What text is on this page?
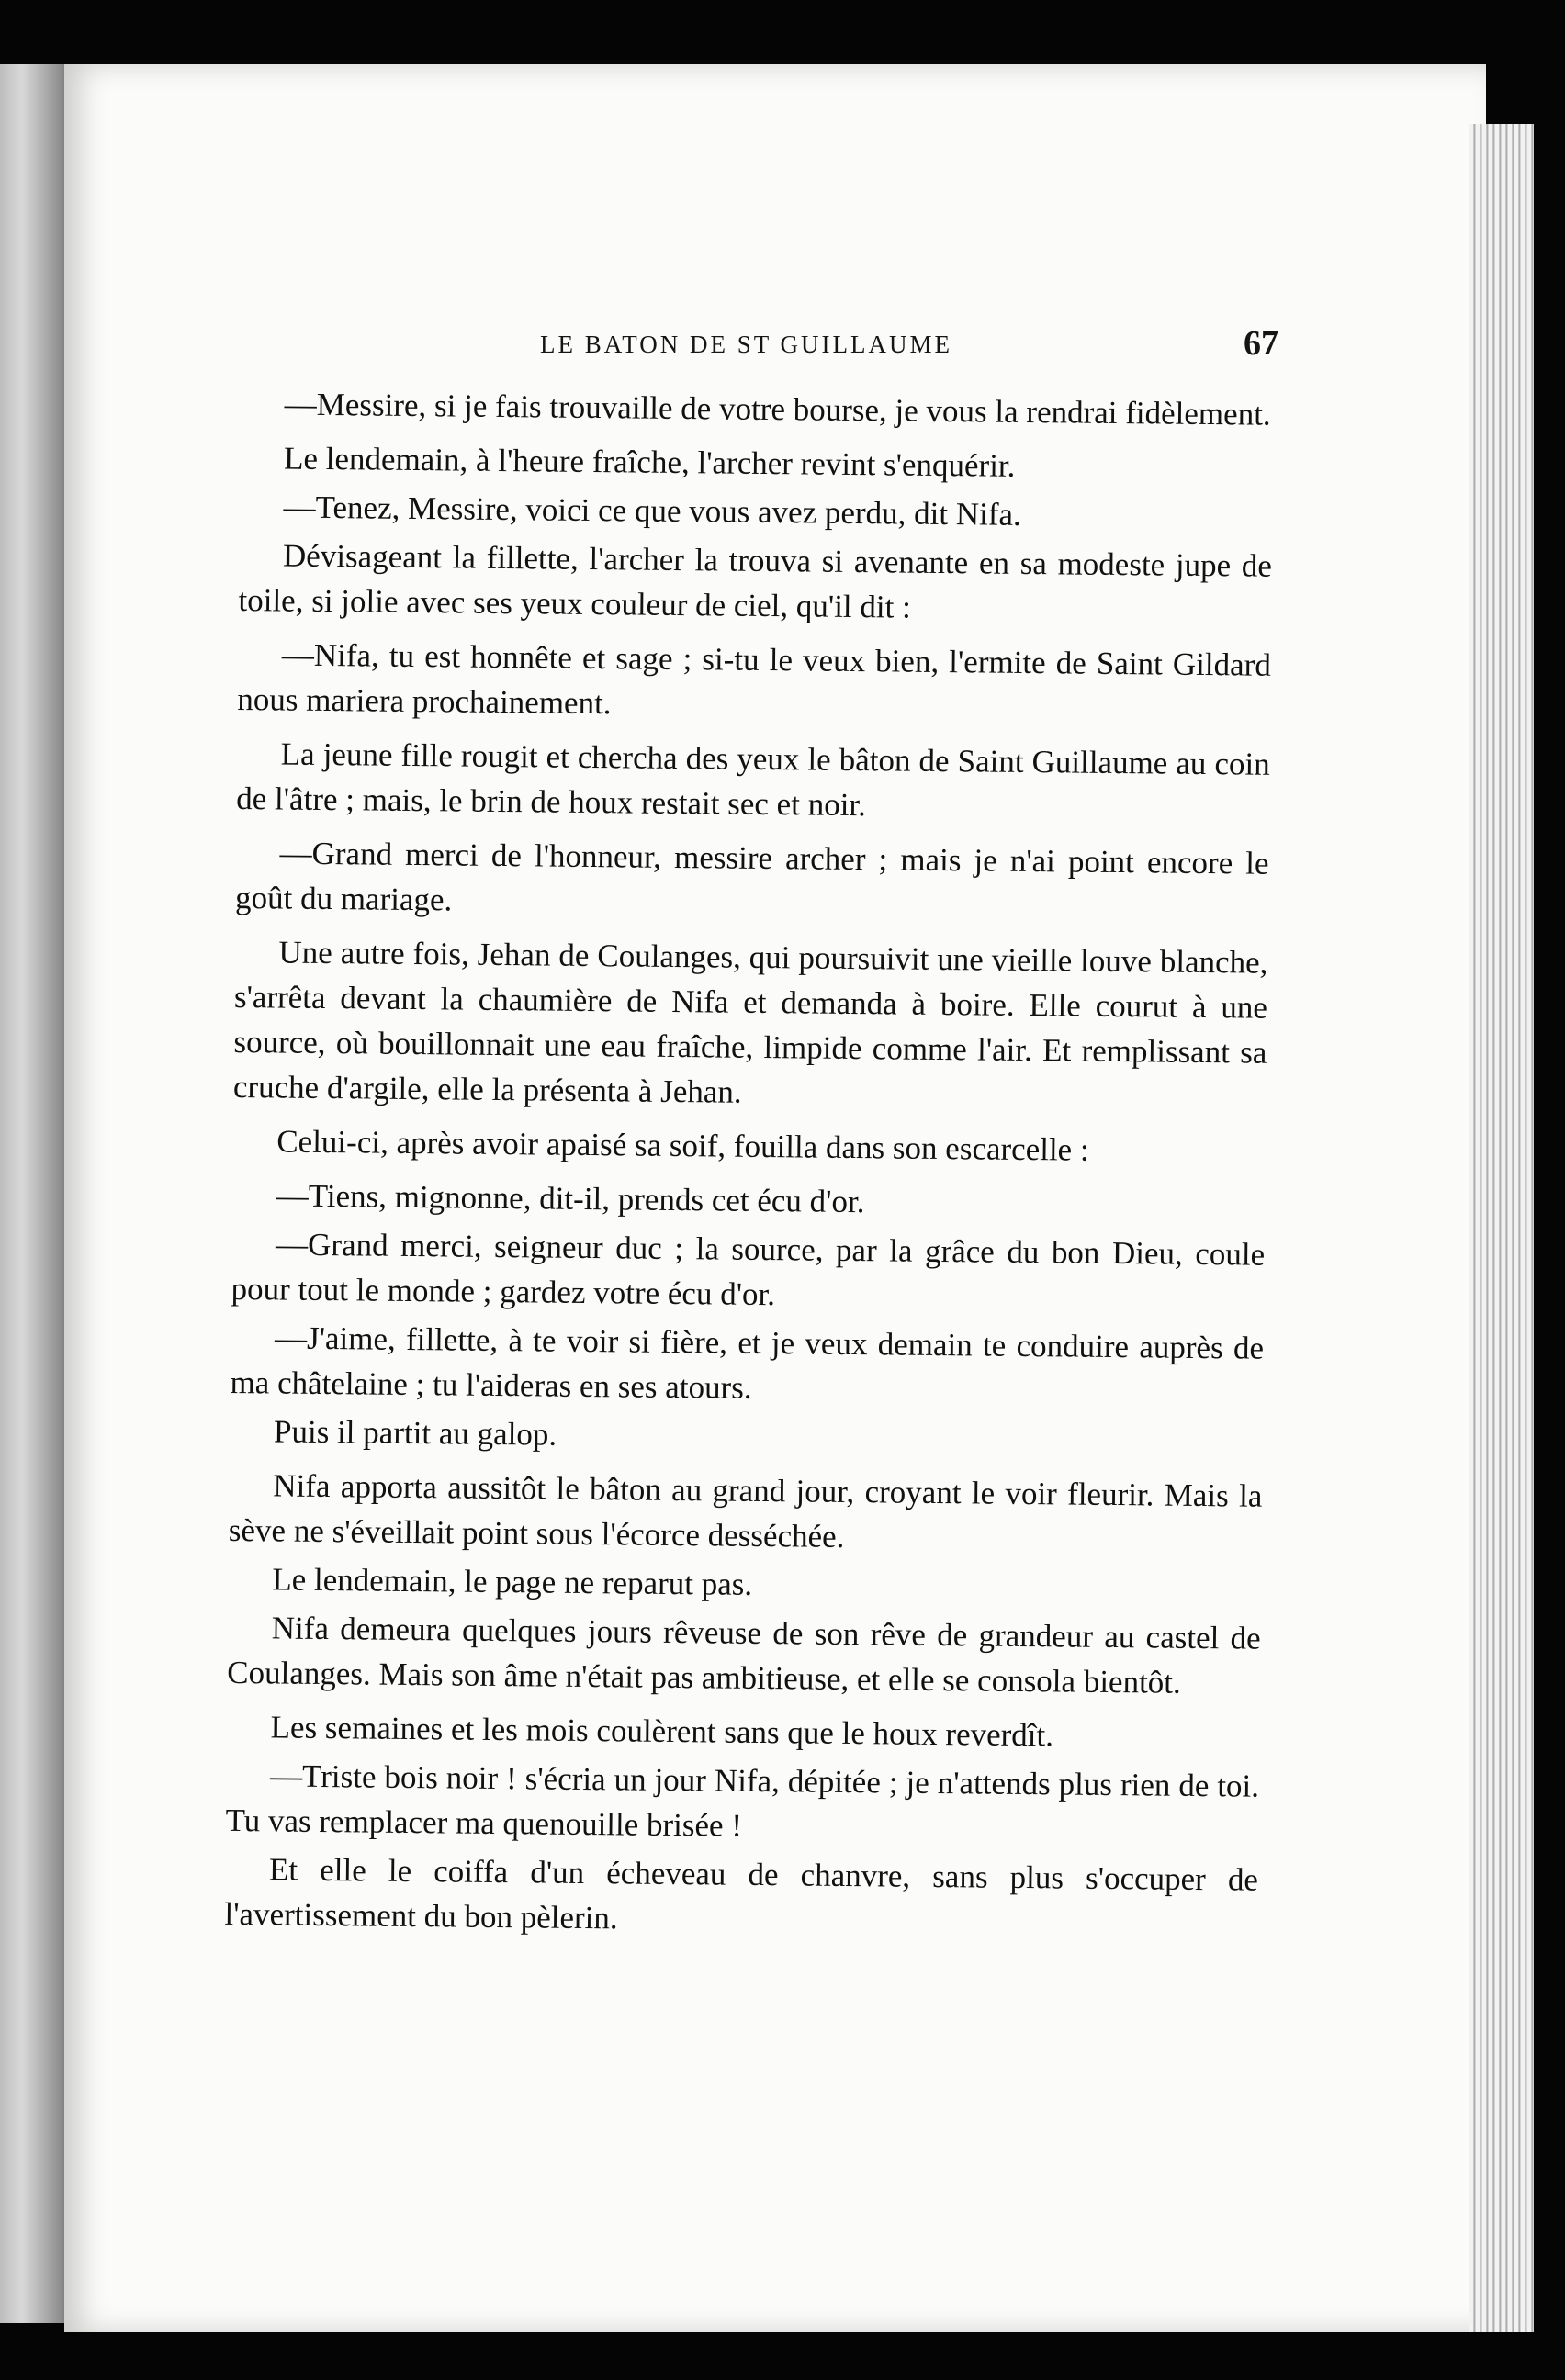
LE BATON DE ST GUILLAUME	67

—Messire, si je fais trouvaille de votre bourse, je vous la rendrai fidèlement.

Le lendemain, à l'heure fraîche, l'archer revint s'enquérir.

—Tenez, Messire, voici ce que vous avez perdu, dit Nifa.

Dévisageant la fillette, l'archer la trouva si avenante en sa modeste jupe de toile, si jolie avec ses yeux couleur de ciel, qu'il dit :

—Nifa, tu est honnête et sage ; si-tu le veux bien, l'ermite de Saint Gildard nous mariera prochainement.

La jeune fille rougit et chercha des yeux le bâton de Saint Guillaume au coin de l'âtre ; mais, le brin de houx restait sec et noir.

—Grand merci de l'honneur, messire archer ; mais je n'ai point encore le goût du mariage.

Une autre fois, Jehan de Coulanges, qui poursuivit une vieille louve blanche, s'arrêta devant la chaumière de Nifa et demanda à boire. Elle courut à une source, où bouillonnait une eau fraîche, limpide comme l'air. Et remplissant sa cruche d'argile, elle la présenta à Jehan.

Celui-ci, après avoir apaisé sa soif, fouilla dans son escarcelle :

—Tiens, mignonne, dit-il, prends cet écu d'or.

—Grand merci, seigneur duc ; la source, par la grâce du bon Dieu, coule pour tout le monde ; gardez votre écu d'or.

—J'aime, fillette, à te voir si fière, et je veux demain te conduire auprès de ma châtelaine ; tu l'aideras en ses atours.

Puis il partit au galop.

Nifa apporta aussitôt le bâton au grand jour, croyant le voir fleurir. Mais la sève ne s'éveillait point sous l'écorce desséchée.

Le lendemain, le page ne reparut pas.

Nifa demeura quelques jours rêveuse de son rêve de grandeur au castel de Coulanges. Mais son âme n'était pas ambitieuse, et elle se consola bientôt.

Les semaines et les mois coulèrent sans que le houx reverdît.

—Triste bois noir ! s'écria un jour Nifa, dépitée ; je n'attends plus rien de toi. Tu vas remplacer ma quenouille brisée !

Et elle le coiffa d'un écheveau de chanvre, sans plus s'occuper de l'avertissement du bon pèlerin.
